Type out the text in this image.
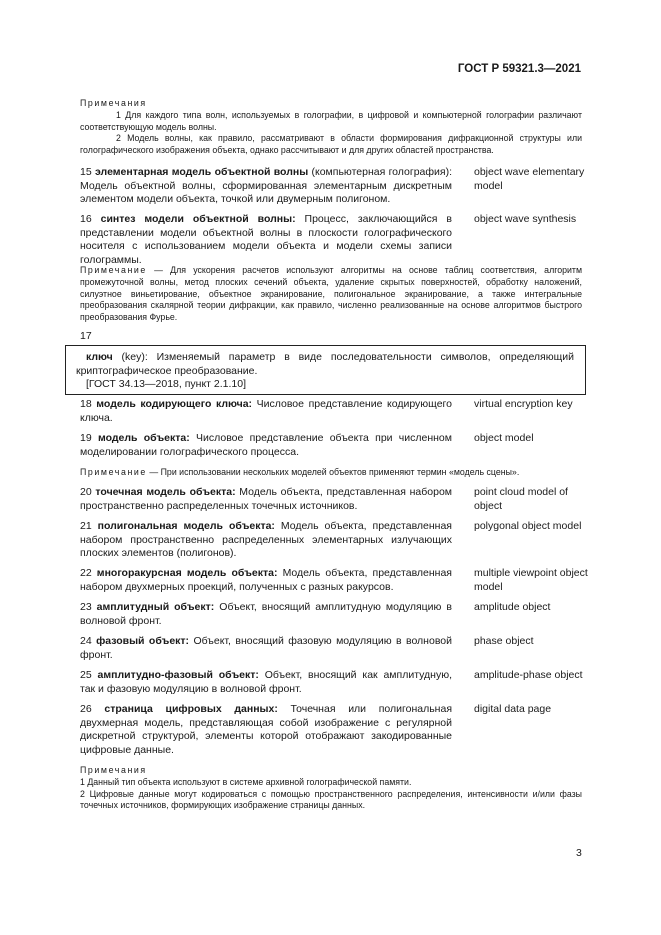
ГОСТ Р 59321.3—2021

Примечания

1 Для каждого типа волн, используемых в голографии, в цифровой и компьютерной голографии различают соответствующую модель волны.

2 Модель волны, как правило, рассматривают в области формирования дифракционной структуры или голографического изображения объекта, однако рассчитывают и для других областей пространства.

15 элементарная модель объектной волны (компьютерная голография): Модель объектной волны, сформированная элементарным дискретным элементом модели объекта, точкой или двумерным полигоном.
object wave elementary model
16 синтез модели объектной волны: Процесс, заключающийся в представлении модели объектной волны в плоскости голографического носителя с использованием модели объекта и модели схемы записи голограммы.
object wave synthesis

Примечание — Для ускорения расчетов используют алгоритмы на основе таблиц соответствия, алгоритм промежуточной волны, метод плоских сечений объекта, удаление скрытых поверхностей, обработку наложений, силуэтное виньетирование, объектное экранирование, полигональное экранирование, а также интегральные преобразования скалярной теории дифракции, как правило, численно реализованные на основе алгоритмов быстрого преобразования Фурье.

17

ключ (key): Изменяемый параметр в виде последовательности символов, определяющий криптографическое преобразование.

[ГОСТ 34.13—2018, пункт 2.1.10]

18 модель кодирующего ключа: Числовое представление кодирующего ключа.
virtual encryption key
19 модель объекта: Числовое представление объекта при численном моделировании голографического процесса.
object model

Примечание — При использовании нескольких моделей объектов применяют термин «модель сцены».

20 точечная модель объекта: Модель объекта, представленная набором пространственно распределенных точечных источников.
point cloud model of object
21 полигональная модель объекта: Модель объекта, представленная набором пространственно распределенных элементарных излучающих плоских элементов (полигонов).
polygonal object model
22 многоракурсная модель объекта: Модель объекта, представленная набором двухмерных проекций, полученных с разных ракурсов.
multiple viewpoint object model
23 амплитудный объект: Объект, вносящий амплитудную модуляцию в волновой фронт.
amplitude object
24 фазовый объект: Объект, вносящий фазовую модуляцию в волновой фронт.
phase object
25 амплитудно-фазовый объект: Объект, вносящий как амплитудную, так и фазовую модуляцию в волновой фронт.
amplitude-phase object
26 страница цифровых данных: Точечная или полигональная двухмерная модель, представляющая собой изображение с регулярной дискретной структурой, элементы которой отображают закодированные цифровые данные.
digital data page

Примечания

1 Данный тип объекта используют в системе архивной голографической памяти.

2 Цифровые данные могут кодироваться с помощью пространственного распределения, интенсивности и/или фазы точечных источников, формирующих изображение страницы данных.

3
